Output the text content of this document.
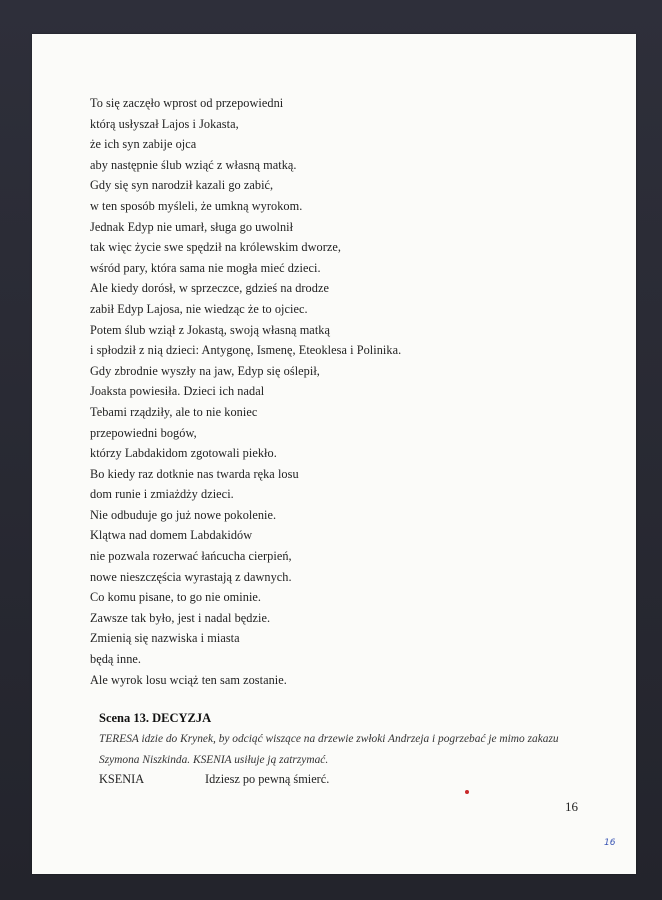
To się zaczęło wprost od przepowiedni
którą usłyszał Lajos i Jokasta,
że ich syn zabije ojca
aby następnie ślub wziąć z własną matką.
Gdy się syn narodził kazali go zabić,
w ten sposób myśleli, że umkną wyrokom.
Jednak Edyp nie umarł, sługa go uwolnił
tak więc życie swe spędził na królewskim dworze,
wśród pary, która sama nie mogła mieć dzieci.
Ale kiedy dorósł, w sprzeczce, gdzieś na drodze
zabił Edyp Lajosa, nie wiedząc że to ojciec.
Potem ślub wziął z Jokastą, swoją własną matką
i spłodził z nią dzieci: Antygonę, Ismenę, Eteoklesa i Polinika.
Gdy zbrodnie wyszły na jaw, Edyp się oślepił,
Joaksta powiesiła. Dzieci ich nadal
Tebami rządziły, ale to nie koniec
przepowiedni bogów,
którzy Labdakidom zgotowali piekło.
Bo kiedy raz dotknie nas twarda ręka losu
dom runie i zmiażdży dzieci.
Nie odbuduje go już nowe pokolenie.
Klątwa nad domem Labdakidów
nie pozwala rozerwać łańcucha cierpień,
nowe nieszczęścia wyrastają z dawnych.
Co komu pisane, to go nie ominie.
Zawsze tak było, jest i nadal będzie.
Zmienią się nazwiska i miasta
będą inne.
Ale wyrok losu wciąż ten sam zostanie.

Scena 13. DECYZJA

TERESA idzie do Krynek, by odciąć wiszące na drzewie zwłoki Andrzeja i pogrzebać je mimo zakazu Szymona Niszkinda. KSENIA usiłuje ją zatrzymać.

KSENIA	Idziesz po pewną śmierć.
16
16
